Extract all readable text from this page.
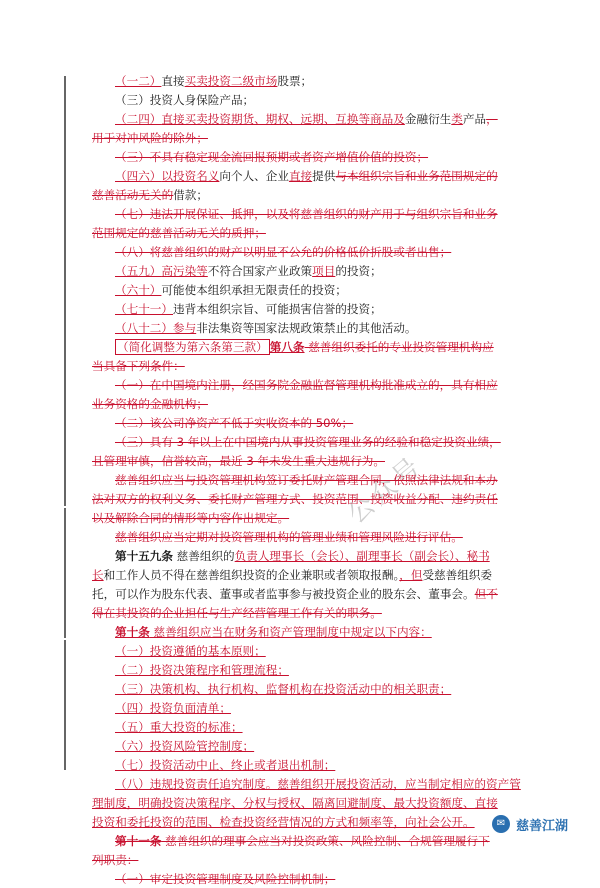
公众号
（一二）直接买卖投资二级市场股票；
（三）投资人身保险产品；
（二四）直接买卖投资期货、期权、远期、互换等商品及金融衍生类产品，
用于对冲风险的除外；
（三）不具有稳定现金流回报预期或者资产增值价值的投资；
（四六）以投资名义向个人、企业直接提供与本组织宗旨和业务范围规定的
慈善活动无关的借款；
（七）违法开展保证、抵押，以及将慈善组织的财产用于与组织宗旨和业务
范围规定的慈善活动无关的质押；
（八）将慈善组织的财产以明显不公允的价格低价折股或者出售；
（五九）高污染等不符合国家产业政策项目的投资；
（六十）可能使本组织承担无限责任的投资；
（七十一）违背本组织宗旨、可能损害信誉的投资；
（八十二）参与非法集资等国家法规政策禁止的其他活动。
（简化调整为第六条第三款） 第八条 慈善组织委托的专业投资管理机构应
当具备下列条件：
（一）在中国境内注册，经国务院金融监督管理机构批准成立的，具有相应
业务资格的金融机构；
（二）该公司净资产不低于实收资本的 50%；
（三）具有 3 年以上在中国境内从事投资管理业务的经验和稳定投资业绩，
且管理审慎，信誉较高，最近 3 年未发生重大违规行为。
慈善组织应当与投资管理机构签订委托财产管理合同，依照法律法规和本办
法对双方的权利义务、委托财产管理方式、投资范围、投资收益分配、违约责任
以及解除合同的情形等内容作出规定。
慈善组织应当定期对投资管理机构的管理业绩和管理风险进行评估。
第十五九条 慈善组织的负责人理事长（会长）、副理事长（副会长）、秘书
长和工作人员不得在慈善组织投资的企业兼职或者领取报酬。，但受慈善组织委
托，可以作为股东代表、董事或者监事参与被投资企业的股东会、董事会。但不
得在其投资的企业担任与生产经营管理工作有关的职务。
第十条 慈善组织应当在财务和资产管理制度中规定以下内容：
（一）投资遵循的基本原则；
（二）投资决策程序和管理流程；
（三）决策机构、执行机构、监督机构在投资活动中的相关职责；
（四）投资负面清单；
（五）重大投资的标准；
（六）投资风险管控制度；
（七）投资活动中止、终止或者退出机制；
（八）违规投资责任追究制度。慈善组织开展投资活动，应当制定相应的资产管
理制度，明确投资决策程序、分权与授权、隔离回避制度、最大投资额度、直接
投资和委托投资的范围、检查投资经营情况的方式和频率等，向社会公开。
第十一条 慈善组织的理事会应当对投资政策、风险控制、合规管理履行下
列职责：
（一）审定投资管理制度及风险控制机制；
✉ 慈善江湖
